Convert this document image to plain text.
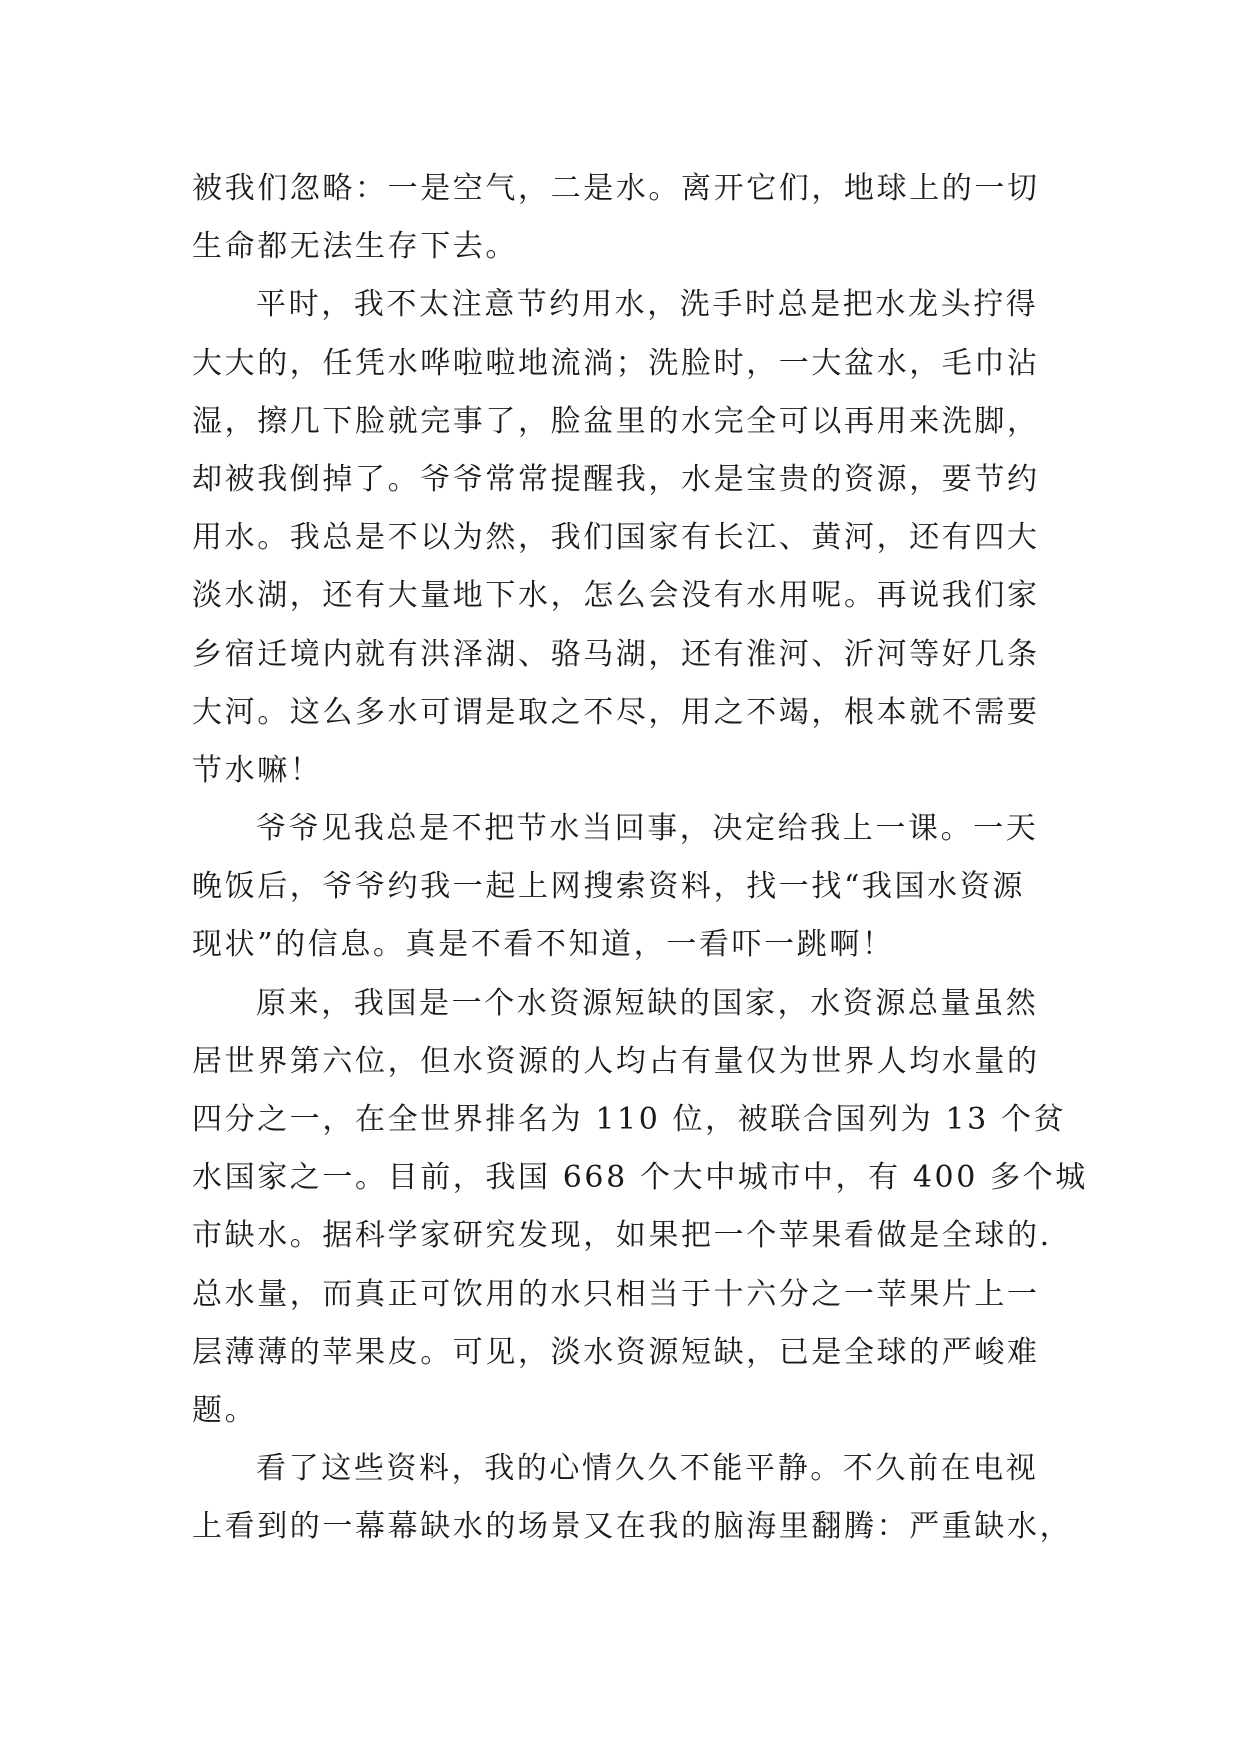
被我们忽略：一是空气，二是水。离开它们，地球上的一切
生命都无法生存下去。
平时，我不太注意节约用水，洗手时总是把水龙头拧得
大大的，任凭水哗啦啦地流淌；洗脸时，一大盆水，毛巾沾
湿，擦几下脸就完事了，脸盆里的水完全可以再用来洗脚，
却被我倒掉了。爷爷常常提醒我，水是宝贵的资源，要节约
用水。我总是不以为然，我们国家有长江、黄河，还有四大
淡水湖，还有大量地下水，怎么会没有水用呢。再说我们家
乡宿迁境内就有洪泽湖、骆马湖，还有淮河、沂河等好几条
大河。这么多水可谓是取之不尽，用之不竭，根本就不需要
节水嘛！
爷爷见我总是不把节水当回事，决定给我上一课。一天
晚饭后，爷爷约我一起上网搜索资料，找一找“我国水资源
现状”的信息。真是不看不知道，一看吓一跳啊！
原来，我国是一个水资源短缺的国家，水资源总量虽然
居世界第六位，但水资源的人均占有量仅为世界人均水量的
四分之一，在全世界排名为 110 位，被联合国列为 13 个贫
水国家之一。目前，我国 668 个大中城市中，有 400 多个城
市缺水。据科学家研究发现，如果把一个苹果看做是全球的.
总水量，而真正可饮用的水只相当于十六分之一苹果片上一
层薄薄的苹果皮。可见，淡水资源短缺，已是全球的严峻难
题。
看了这些资料，我的心情久久不能平静。不久前在电视
上看到的一幕幕缺水的场景又在我的脑海里翻腾：严重缺水，
